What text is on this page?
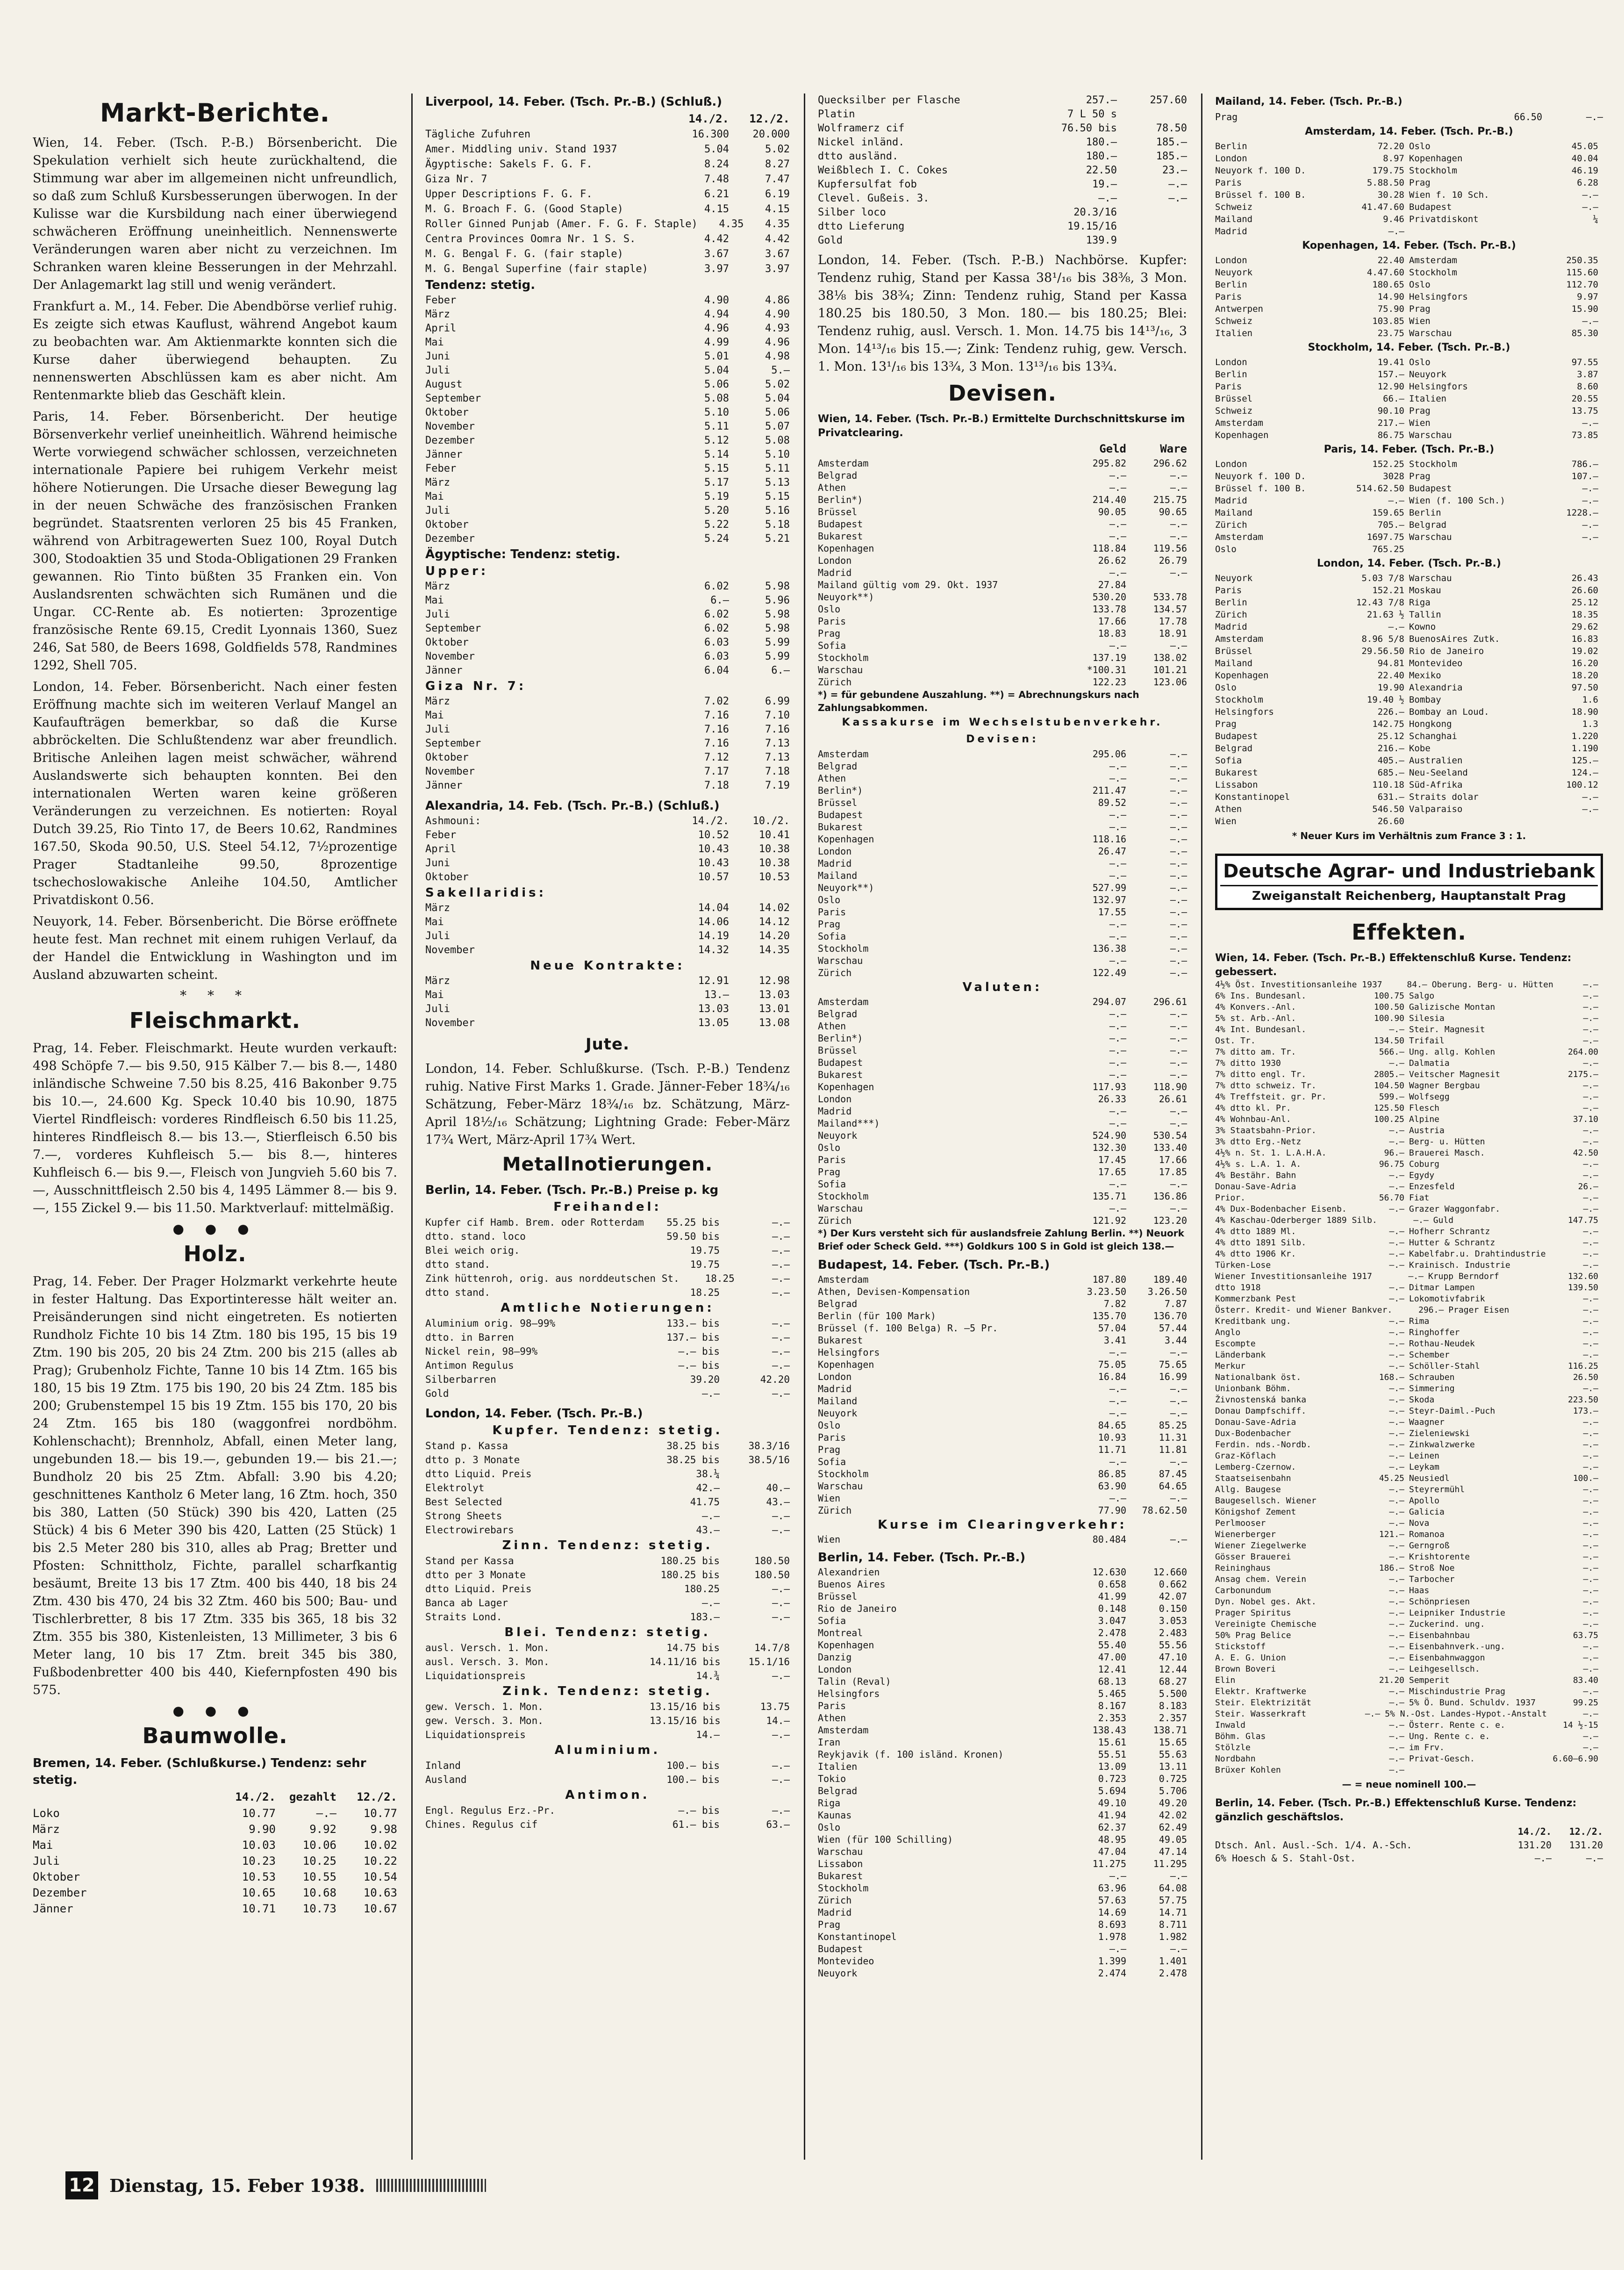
Markt-Berichte.

Wien, 14. Feber. (Tsch. P.-B.) Börsenbericht. Die Spekulation verhielt sich heute zurückhaltend, die Stimmung war aber im allgemeinen nicht unfreundlich, so daß zum Schluß Kursbesserungen überwogen. In der Kulisse war die Kursbildung nach einer überwiegend schwächeren Eröffnung uneinheitlich. Nennenswerte Veränderungen waren aber nicht zu verzeichnen. Im Schranken waren kleine Besserungen in der Mehrzahl. Der Anlagemarkt lag still und wenig verändert.

Frankfurt a. M., 14. Feber. Die Abendbörse verlief ruhig. Es zeigte sich etwas Kauflust, während Angebot kaum zu beobachten war. Am Aktienmarkte konnten sich die Kurse daher überwiegend behaupten. Zu nennenswerten Abschlüssen kam es aber nicht. Am Rentenmarkte blieb das Geschäft klein.

Paris, 14. Feber. Börsenbericht. Der heutige Börsenverkehr verlief uneinheitlich. Während heimische Werte vorwiegend schwächer schlossen, verzeichneten internationale Papiere bei ruhigem Verkehr meist höhere Notierungen. Die Ursache dieser Bewegung lag in der neuen Schwäche des französischen Franken begründet. Staatsrenten verloren 25 bis 45 Franken, während von Arbitragewerten Suez 100, Royal Dutch 300, Stodoaktien 35 und Stoda-Obligationen 29 Franken gewannen. Rio Tinto büßten 35 Franken ein. Von Auslandsrenten schwächten sich Rumänen und die Ungar. CC-Rente ab. Es notierten: 3prozentige französische Rente 69.15, Credit Lyonnais 1360, Suez 246, Sat 580, de Beers 1698, Goldfields 578, Randmines 1292, Shell 705.

London, 14. Feber. Börsenbericht. Nach einer festen Eröffnung machte sich im weiteren Verlauf Mangel an Kaufaufträgen bemerkbar, so daß die Kurse abbröckelten. Die Schlußtendenz war aber freundlich. Britische Anleihen lagen meist schwächer, während Auslandswerte sich behaupten konnten. Bei den internationalen Werten waren keine größeren Veränderungen zu verzeichnen. Es notierten: Royal Dutch 39.25, Rio Tinto 17, de Beers 10.62, Randmines 167.50, Skoda 90.50, U.S. Steel 54.12, 7½prozentige Prager Stadtanleihe 99.50, 8prozentige tschechoslowakische Anleihe 104.50, Amtlicher Privatdiskont 0.56.

Neuyork, 14. Feber. Börsenbericht. Die Börse eröffnete heute fest. Man rechnet mit einem ruhigen Verlauf, da der Handel die Entwicklung in Washington und im Ausland abzuwarten scheint.

* * *
Fleischmarkt.

Prag, 14. Feber. Fleischmarkt. Heute wurden verkauft: 498 Schöpfe 7.— bis 9.50, 915 Kälber 7.— bis 8.—, 1480 inländische Schweine 7.50 bis 8.25, 416 Bakonber 9.75 bis 10.—, 24.600 Kg. Speck 10.40 bis 10.90, 1875 Viertel Rindfleisch: vorderes Rindfleisch 6.50 bis 11.25, hinteres Rindfleisch 8.— bis 13.—, Stierfleisch 6.50 bis 7.—, vorderes Kuhfleisch 5.— bis 8.—, hinteres Kuhfleisch 6.— bis 9.—, Fleisch von Jungvieh 5.60 bis 7.—, Ausschnittfleisch 2.50 bis 4, 1495 Lämmer 8.— bis 9.—, 155 Zickel 9.— bis 11.50. Marktverlauf: mittelmäßig.

● ● ●
Holz.

Prag, 14. Feber. Der Prager Holzmarkt verkehrte heute in fester Haltung. Das Exportinteresse hält weiter an. Preisänderungen sind nicht eingetreten. Es notierten Rundholz Fichte 10 bis 14 Ztm. 180 bis 195, 15 bis 19 Ztm. 190 bis 205, 20 bis 24 Ztm. 200 bis 215 (alles ab Prag); Grubenholz Fichte, Tanne 10 bis 14 Ztm. 165 bis 180, 15 bis 19 Ztm. 175 bis 190, 20 bis 24 Ztm. 185 bis 200; Grubenstempel 15 bis 19 Ztm. 155 bis 170, 20 bis 24 Ztm. 165 bis 180 (waggonfrei nordböhm. Kohlenschacht); Brennholz, Abfall, einen Meter lang, ungebunden 18.— bis 19.—, gebunden 19.— bis 21.—; Bundholz 20 bis 25 Ztm. Abfall: 3.90 bis 4.20; geschnittenes Kantholz 6 Meter lang, 16 Ztm. hoch, 350 bis 380, Latten (50 Stück) 390 bis 420, Latten (25 Stück) 4 bis 6 Meter 390 bis 420, Latten (25 Stück) 1 bis 2.5 Meter 280 bis 310, alles ab Prag; Bretter und Pfosten: Schnittholz, Fichte, parallel scharfkantig besäumt, Breite 13 bis 17 Ztm. 400 bis 440, 18 bis 24 Ztm. 430 bis 470, 24 bis 32 Ztm. 460 bis 500; Bau- und Tischlerbretter, 8 bis 17 Ztm. 335 bis 365, 18 bis 32 Ztm. 355 bis 380, Kistenleisten, 13 Millimeter, 3 bis 6 Meter lang, 10 bis 17 Ztm. breit 345 bis 380, Fußbodenbretter 400 bis 440, Kiefernpfosten 490 bis 575.

● ● ●
Baumwolle.
Bremen, 14. Feber. (Schlußkurse.) Tendenz: sehr stetig.
14./2.	gezahlt	12./2.
Loko	10.77	—.—	10.77
März	9.90	9.92	9.98
Mai	10.03	10.06	10.02
Juli	10.23	10.25	10.22
Oktober	10.53	10.55	10.54
Dezember	10.65	10.68	10.63
Jänner	10.71	10.73	10.67
Liverpool, 14. Feber. (Tsch. Pr.-B.) (Schluß.)
14./2.	12./2.
Tägliche Zufuhren	16.300	20.000
Amer. Middling univ. Stand 1937	5.04	5.02
Ägyptische: Sakels F. G. F.	8.24	8.27
Giza Nr. 7	7.48	7.47
Upper Descriptions F. G. F.	6.21	6.19
M. G. Broach F. G. (Good Staple)	4.15	4.15
Roller Ginned Punjab (Amer. F. G. F. Staple)	4.35	4.35
Centra Provinces Oomra Nr. 1 S. S.	4.42	4.42
M. G. Bengal F. G. (fair staple)	3.67	3.67
M. G. Bengal Superfine (fair staple)	3.97	3.97
Tendenz: stetig.
Feber	4.90	4.86
März	4.94	4.90
April	4.96	4.93
Mai	4.99	4.96
Juni	5.01	4.98
Juli	5.04	5.—
August	5.06	5.02
September	5.08	5.04
Oktober	5.10	5.06
November	5.11	5.07
Dezember	5.12	5.08
Jänner	5.14	5.10
Feber	5.15	5.11
März	5.17	5.13
Mai	5.19	5.15
Juli	5.20	5.16
Oktober	5.22	5.18
Dezember	5.24	5.21
Ägyptische: Tendenz: stetig.
Upper:
März	6.02	5.98
Mai	6.—	5.96
Juli	6.02	5.98
September	6.02	5.98
Oktober	6.03	5.99
November	6.03	5.99
Jänner	6.04	6.—
Giza Nr. 7:
März	7.02	6.99
Mai	7.16	7.10
Juli	7.16	7.16
September	7.16	7.13
Oktober	7.12	7.13
November	7.17	7.18
Jänner	7.18	7.19
Alexandria, 14. Feb. (Tsch. Pr.-B.) (Schluß.)
Ashmouni:	14./2.	10./2.
Feber	10.52	10.41
April	10.43	10.38
Juni	10.43	10.38
Oktober	10.57	10.53
Sakellaridis:
März	14.04	14.02
Mai	14.06	14.12
Juli	14.19	14.20
November	14.32	14.35
Neue Kontrakte:
März	12.91	12.98
Mai	13.—	13.03
Juli	13.03	13.01
November	13.05	13.08
Jute.

London, 14. Feber. Schlußkurse. (Tsch. P.-B.) Tendenz ruhig. Native First Marks 1. Grade. Jänner-Feber 18¾/₁₆ Schätzung, Feber-März 18¾/₁₆ bz. Schätzung, März-April 18½/₁₆ Schätzung; Lightning Grade: Feber-März 17¾ Wert, März-April 17¾ Wert.

Metallnotierungen.
Berlin, 14. Feber. (Tsch. Pr.-B.) Preise p. kg
Freihandel:
Kupfer cif Hamb. Brem. oder Rotterdam	55.25 bis	—.—
dtto. stand. loco	59.50 bis	—.—
Blei weich orig.	19.75	—.—
dtto stand.	19.75	—.—
Zink hüttenroh, orig. aus norddeutschen St.	18.25	—.—
dtto stand.	18.25	—.—
Amtliche Notierungen:
Aluminium orig. 98—99%	133.— bis	—.—
dtto. in Barren	137.— bis	—.—
Nickel rein, 98—99%	—.— bis	—.—
Antimon Regulus	—.— bis	—.—
Silberbarren	39.20	42.20
Gold	—.—	—.—
London, 14. Feber. (Tsch. Pr.-B.)
Kupfer. Tendenz: stetig.
Stand p. Kassa	38.25 bis	38.3/16
dtto p. 3 Monate	38.25 bis	38.5/16
dtto Liquid. Preis	38.¼
Elektrolyt	42.—	40.—
Best Selected	41.75	43.—
Strong Sheets	—.—	—.—
Electrowirebars	43.—	—.—
Zinn. Tendenz: stetig.
Stand per Kassa	180.25 bis	180.50
dtto per 3 Monate	180.25 bis	180.50
dtto Liquid. Preis	180.25	—.—
Banca ab Lager	—.—	—.—
Straits Lond.	183.—	—.—
Blei. Tendenz: stetig.
ausl. Versch. 1. Mon.	14.75 bis	14.7/8
ausl. Versch. 3. Mon.	14.11/16 bis	15.1/16
Liquidationspreis	14.¾	—.—
Zink. Tendenz: stetig.
gew. Versch. 1. Mon.	13.15/16 bis	13.75
gew. Versch. 3. Mon.	13.15/16 bis	14.—
Liquidationspreis	14.—	—.—
Aluminium.
Inland	100.— bis	—.—
Ausland	100.— bis	—.—
Antimon.
Engl. Regulus Erz.-Pr.	—.— bis	—.—
Chines. Regulus cif	61.— bis	63.—
Quecksilber per Flasche	257.—	257.60
Platin	7 L 50 s
Wolframerz cif	76.50 bis	78.50
Nickel inländ.	180.—	185.—
dtto ausländ.	180.—	185.—
Weißblech I. C. Cokes	22.50	23.—
Kupfersulfat fob	19.—	—.—
Clevel. Gußeis. 3.	—.—	—.—
Silber loco	20.3/16
dtto Lieferung	19.15/16
Gold	139.9

London, 14. Feber. (Tsch. P.-B.) Nachbörse. Kupfer: Tendenz ruhig, Stand per Kassa 38¹/₁₆ bis 38⅜, 3 Mon. 38⅛ bis 38¾; Zinn: Tendenz ruhig, Stand per Kassa 180.25 bis 180.50, 3 Mon. 180.— bis 180.25; Blei: Tendenz ruhig, ausl. Versch. 1. Mon. 14.75 bis 14¹³/₁₆, 3 Mon. 14¹³/₁₆ bis 15.—; Zink: Tendenz ruhig, gew. Versch. 1. Mon. 13¹/₁₆ bis 13¾, 3 Mon. 13¹³/₁₆ bis 13¾.

Devisen.
Wien, 14. Feber. (Tsch. Pr.-B.) Ermittelte Durchschnittskurse im Privatclearing.
Geld	Ware
Amsterdam	295.82	296.62
Belgrad	—.—	—.—
Athen	—.—	—.—
Berlin*)	214.40	215.75
Brüssel	90.05	90.65
Budapest	—.—	—.—
Bukarest	—.—	—.—
Kopenhagen	118.84	119.56
London	26.62	26.79
Madrid	—.—	—.—
Mailand gültig vom 29. Okt. 1937	27.84
Neuyork**)	530.20	533.78
Oslo	133.78	134.57
Paris	17.66	17.78
Prag	18.83	18.91
Sofia	—.—	—.—
Stockholm	137.19	138.02
Warschau	*100.31	101.21
Zürich	122.23	123.06
*) = für gebundene Auszahlung. **) = Abrechnungskurs nach Zahlungsabkommen.
Kassakurse im Wechselstubenverkehr. Devisen:
Amsterdam	295.06	—.—
Belgrad	—.—	—.—
Athen	—.—	—.—
Berlin*)	211.47	—.—
Brüssel	89.52	—.—
Budapest	—.—	—.—
Bukarest	—.—	—.—
Kopenhagen	118.16	—.—
London	26.47	—.—
Madrid	—.—	—.—
Mailand	—.—	—.—
Neuyork**)	527.99	—.—
Oslo	132.97	—.—
Paris	17.55	—.—
Prag	—.—	—.—
Sofia	—.—	—.—
Stockholm	136.38	—.—
Warschau	—.—	—.—
Zürich	122.49	—.—
Valuten:
Amsterdam	294.07	296.61
Belgrad	—.—	—.—
Athen	—.—	—.—
Berlin*)	—.—	—.—
Brüssel	—.—	—.—
Budapest	—.—	—.—
Bukarest	—.—	—.—
Kopenhagen	117.93	118.90
London	26.33	26.61
Madrid	—.—	—.—
Mailand***)	—.—	—.—
Neuyork	524.90	530.54
Oslo	132.30	133.40
Paris	17.45	17.66
Prag	17.65	17.85
Sofia	—.—	—.—
Stockholm	135.71	136.86
Warschau	—.—	—.—
Zürich	121.92	123.20
*) Der Kurs versteht sich für auslandsfreie Zahlung Berlin. **) Neuork Brief oder Scheck Geld. ***) Goldkurs 100 S in Gold ist gleich 138.—
Budapest, 14. Feber. (Tsch. Pr.-B.)
Amsterdam	187.80	189.40
Athen, Devisen-Kompensation	3.23.50	3.26.50
Belgrad	7.82	7.87
Berlin (für 100 Mark)	135.70	136.70
Brüssel (f. 100 Belga) R. —5 Pr.	57.04	57.44
Bukarest	3.41	3.44
Helsingfors	—.—	—.—
Kopenhagen	75.05	75.65
London	16.84	16.99
Madrid	—.—	—.—
Mailand	—.—	—.—
Neuyork	—.—	—.—
Oslo	84.65	85.25
Paris	10.93	11.31
Prag	11.71	11.81
Sofia	—.—	—.—
Stockholm	86.85	87.45
Warschau	63.90	64.65
Wien	—.—	—.—
Zürich	77.90	78.62.50
Kurse im Clearingverkehr:
Wien	80.484	—.—
Berlin, 14. Feber. (Tsch. Pr.-B.)
Alexandrien	12.630	12.660
Buenos Aires	0.658	0.662
Brüssel	41.99	42.07
Rio de Janeiro	0.148	0.150
Sofia	3.047	3.053
Montreal	2.478	2.483
Kopenhagen	55.40	55.56
Danzig	47.00	47.10
London	12.41	12.44
Talin (Reval)	68.13	68.27
Helsingfors	5.465	5.500
Paris	8.167	8.183
Athen	2.353	2.357
Amsterdam	138.43	138.71
Iran	15.61	15.65
Reykjavik (f. 100 isländ. Kronen)	55.51	55.63
Italien	13.09	13.11
Tokio	0.723	0.725
Belgrad	5.694	5.706
Riga	49.10	49.20
Kaunas	41.94	42.02
Oslo	62.37	62.49
Wien (für 100 Schilling)	48.95	49.05
Warschau	47.04	47.14
Lissabon	11.275	11.295
Bukarest	—.—	—.—
Stockholm	63.96	64.08
Zürich	57.63	57.75
Madrid	14.69	14.71
Prag	8.693	8.711
Konstantinopel	1.978	1.982
Budapest	—.—	—.—
Montevideo	1.399	1.401
Neuyork	2.474	2.478
Mailand, 14. Feber. (Tsch. Pr.-B.)
Prag	66.50	—.—
Amsterdam, 14. Feber. (Tsch. Pr.-B.)
Berlin	72.20 Oslo	45.05
London	8.97 Kopenhagen	40.04
Neuyork f. 100 D.	179.75 Stockholm	46.19
Paris	5.88.50 Prag	6.28
Brüssel f. 100 B.	30.28 Wien f. 10 Sch.	—.—
Schweiz	41.47.60 Budapest	—.—
Mailand	9.46 Privatdiskont	¼
Madrid	—.—
Kopenhagen, 14. Feber. (Tsch. Pr.-B.)
London	22.40 Amsterdam	250.35
Neuyork	4.47.60 Stockholm	115.60
Berlin	180.65 Oslo	112.70
Paris	14.90 Helsingfors	9.97
Antwerpen	75.90 Prag	15.90
Schweiz	103.85 Wien	—.—
Italien	23.75 Warschau	85.30
Stockholm, 14. Feber. (Tsch. Pr.-B.)
London	19.41 Oslo	97.55
Berlin	157.— Neuyork	3.87
Paris	12.90 Helsingfors	8.60
Brüssel	66.— Italien	20.55
Schweiz	90.10 Prag	13.75
Amsterdam	217.— Wien	—.—
Kopenhagen	86.75 Warschau	73.85
Paris, 14. Feber. (Tsch. Pr.-B.)
London	152.25 Stockholm	786.—
Neuyork f. 100 D.	3028 Prag	107.—
Brüssel f. 100 B.	514.62.50 Budapest	—.—
Madrid	—.— Wien (f. 100 Sch.)	—.—
Mailand	159.65 Berlin	1228.—
Zürich	705.— Belgrad	—.—
Amsterdam	1697.75 Warschau	—.—
Oslo	765.25
London, 14. Feber. (Tsch. Pr.-B.)
Neuyork	5.03 7/8 Warschau	26.43
Paris	152.21 Moskau	26.60
Berlin	12.43 7/8 Riga	25.12
Zürich	21.63 ½ Tallin	18.35
Madrid	—.— Kowno	29.62
Amsterdam	8.96 5/8 BuenosAires Zutk.	16.83
Brüssel	29.56.50 Rio de Janeiro	19.02
Mailand	94.81 Montevideo	16.20
Kopenhagen	22.40 Mexiko	18.20
Oslo	19.90 Alexandria	97.50
Stockholm	19.40 ½ Bombay	1.6
Helsingfors	226.— Bombay an Loud.	18.90
Prag	142.75 Hongkong	1.3
Budapest	25.12 Schanghai	1.220
Belgrad	216.— Kobe	1.190
Sofia	405.— Australien	125.—
Bukarest	685.— Neu-Seeland	124.—
Lissabon	110.18 Süd-Afrika	100.12
Konstantinopel	631.— Straits dolar	—.—
Athen	546.50 Valparaiso	—.—
Wien	26.60
* Neuer Kurs im Verhältnis zum France 3 : 1.
Deutsche Agrar- und Industriebank
Zweiganstalt Reichenberg, Hauptanstalt Prag
Effekten.
Wien, 14. Feber. (Tsch. Pr.-B.) Effektenschluß Kurse. Tendenz: gebessert.
4½% Öst. Investitionsanleihe 1937	84.— Oberung. Berg- u. Hütten	—.—
6% Ins. Bundesanl.	100.75 Salgo	—.—
4% Konvers.-Anl.	100.50 Galizische Montan	—.—
5% st. Arb.-Anl.	100.90 Silesia	—.—
4% Int. Bundesanl.	—.— Steir. Magnesit	—.—
Ost. Tr.	134.50 Trifail	—.—
7% ditto am. Tr.	566.— Ung. allg. Kohlen	264.00
7% ditto 1930	—.— Dalmatia	—.—
7% ditto engl. Tr.	2805.— Veitscher Magnesit	2175.—
7% dtto schweiz. Tr.	104.50 Wagner Bergbau	—.—
4% Treffsteit. gr. Pr.	599.— Wolfsegg	—.—
4% dtto kl. Pr.	125.50 Flesch	—.—
4% Wohnbau-Anl.	100.25 Alpine	37.10
3% Staatsbahn-Prior.	—.— Austria	—.—
3% dtto Erg.-Netz	—.— Berg- u. Hütten	—.—
4½% n. St. 1. L.A.H.A.	96.— Brauerei Masch.	42.50
4½% s. L.A. 1. A.	96.75 Coburg	—.—
4% Bestähr. Bahn	—.— Egydy	—.—
Donau-Save-Adria	—.— Enzesfeld	26.—
Prior.	56.70 Fiat	—.—
4% Dux-Bodenbacher Eisenb.	—.— Grazer Waggonfabr.	—.—
4% Kaschau-Oderberger 1889 Silb.	—.— Guld	147.75
4% dtto 1889 Ml.	—.— Hofherr Schrantz	—.—
4% dtto 1891 Silb.	—.— Hutter & Schrantz	—.—
4% dtto 1906 Kr.	—.— Kabelfabr.u. Drahtindustrie	—.—
Türken-Lose	—.— Krainisch. Industrie	—.—
Wiener Investitionsanleihe 1917	—.— Krupp Berndorf	132.60
dtto 1918	—.— Ditmar Lampen	139.50
Kommerzbank Pest	—.— Lokomotivfabrik	—.—
Österr. Kredit- und Wiener Bankver.	296.— Prager Eisen	—.—
Kreditbank ung.	—.— Rima	—.—
Anglo	—.— Ringhoffer	—.—
Escompte	—.— Rothau-Neudek	—.—
Länderbank	—.— Schember	—.—
Merkur	—.— Schöller-Stahl	116.25
Nationalbank öst.	168.— Schrauben	26.50
Unionbank Böhm.	—.— Simmering	—.—
Živnostenská banka	—.— Skoda	223.50
Donau Dampfschiff.	—.— Steyr-Daiml.-Puch	173.—
Donau-Save-Adria	—.— Waagner	—.—
Dux-Bodenbacher	—.— Zieleniewski	—.—
Ferdin. nds.-Nordb.	—.— Zinkwalzwerke	—.—
Graz-Köflach	—.— Leinen	—.—
Lemberg-Czernow.	—.— Leykam	—.—
Staatseisenbahn	45.25 Neusiedl	100.—
Allg. Baugese	—.— Steyrermühl	—.—
Baugesellsch. Wiener	—.— Apollo	—.—
Königshof Zement	—.— Galicia	—.—
Perlmooser	—.— Nova	—.—
Wienerberger	121.— Romanoa	—.—
Wiener Ziegelwerke	—.— Gerngroß	—.—
Gösser Brauerei	—.— Krishtorente	—.—
Reininghaus	186.— Stroß Noe	—.—
Ansag chem. Verein	—.— Tarbocher	—.—
Carbonundum	—.— Haas	—.—
Dyn. Nobel ges. Akt.	—.— Schönpriesen	—.—
Prager Spiritus	—.— Leipniker Industrie	—.—
Vereinigte Chemische	—.— Zuckerind. ung.	—.—
50% Prag Belice	—.— Eisenbahnbau	63.75
Stickstoff	—.— Eisenbahnverk.-ung.	—.—
A. E. G. Union	—.— Eisenbahnwaggon	—.—
Brown Boveri	—.— Leihgesellsch.	—.—
Elin	21.20 Semperit	83.40
Elektr. Kraftwerke	—.— Mischindustrie Prag	—.—
Steir. Elektrizität	—.— 5% Ö. Bund. Schuldv. 1937	99.25
Steir. Wasserkraft	—.— 5% N.-Ost. Landes-Hypot.-Anstalt	—.—
Inwald	—.— Österr. Rente c. e.	14 ½-15
Böhm. Glas	—.— Ung. Rente c. e.	—.—
Stölzle	—.— im Frv.	—.—
Nordbahn	—.— Privat-Gesch.	6.60—6.90
Brüxer Kohlen	—.—
— = neue nominell 100.—
Berlin, 14. Feber. (Tsch. Pr.-B.) Effektenschluß Kurse. Tendenz: gänzlich geschäftslos.
14./2.	12./2.
Dtsch. Anl. Ausl.-Sch. 1/4. A.-Sch.	131.20	131.20
6% Hoesch & S. Stahl-Ost.	—.—	—.—
12 Dienstag, 15. Feber 1938.
